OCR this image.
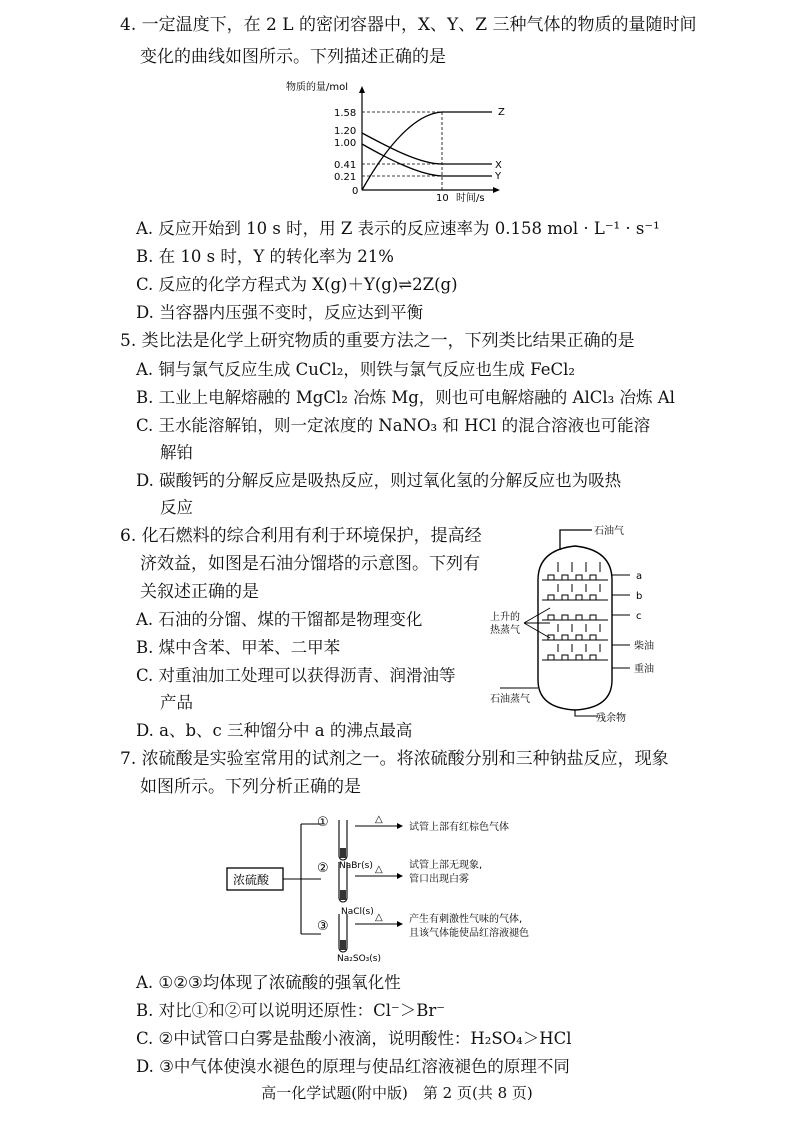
4. 一定温度下，在 2 L 的密闭容器中，X、Y、Z 三种气体的物质的量随时间
变化的曲线如图所示。下列描述正确的是
物质的量/mol
1.58
1.20
1.00
0.41
0.21
0
Z
X
Y
10 时间/s
A. 反应开始到 10 s 时，用 Z 表示的反应速率为 0.158 mol · L⁻¹ · s⁻¹
B. 在 10 s 时，Y 的转化率为 21%
C. 反应的化学方程式为 X(g)＋Y(g)⇌2Z(g)
D. 当容器内压强不变时，反应达到平衡
5. 类比法是化学上研究物质的重要方法之一，下列类比结果正确的是
A. 铜与氯气反应生成 CuCl₂，则铁与氯气反应也生成 FeCl₂
B. 工业上电解熔融的 MgCl₂ 冶炼 Mg，则也可电解熔融的 AlCl₃ 冶炼 Al
C. 王水能溶解铂，则一定浓度的 NaNO₃ 和 HCl 的混合溶液也可能溶
解铂
D. 碳酸钙的分解反应是吸热反应，则过氧化氢的分解反应也为吸热
反应
6. 化石燃料的综合利用有利于环境保护，提高经
济效益，如图是石油分馏塔的示意图。下列有
关叙述正确的是
A. 石油的分馏、煤的干馏都是物理变化
B. 煤中含苯、甲苯、二甲苯
C. 对重油加工处理可以获得沥青、润滑油等
产品
D. a、b、c 三种馏分中 a 的沸点最高
石油气
a
b
c
柴油
重油
上升的
热蒸气
石油蒸气
残余物
7. 浓硫酸是实验室常用的试剂之一。将浓硫酸分别和三种钠盐反应，现象
如图所示。下列分析正确的是
浓硫酸
①
NaBr(s)
△
试管上部有红棕色气体
②
NaCl(s)
△	试管上部无现象,
管口出现白雾
③
Na₂SO₃(s)
△	产生有刺激性气味的气体,
且该气体能使品红溶液褪色
A. ①②③均体现了浓硫酸的强氧化性
B. 对比①和②可以说明还原性：Cl⁻＞Br⁻
C. ②中试管口白雾是盐酸小液滴，说明酸性：H₂SO₄＞HCl
D. ③中气体使溴水褪色的原理与使品红溶液褪色的原理不同
高一化学试题(附中版)　第 2 页(共 8 页)
